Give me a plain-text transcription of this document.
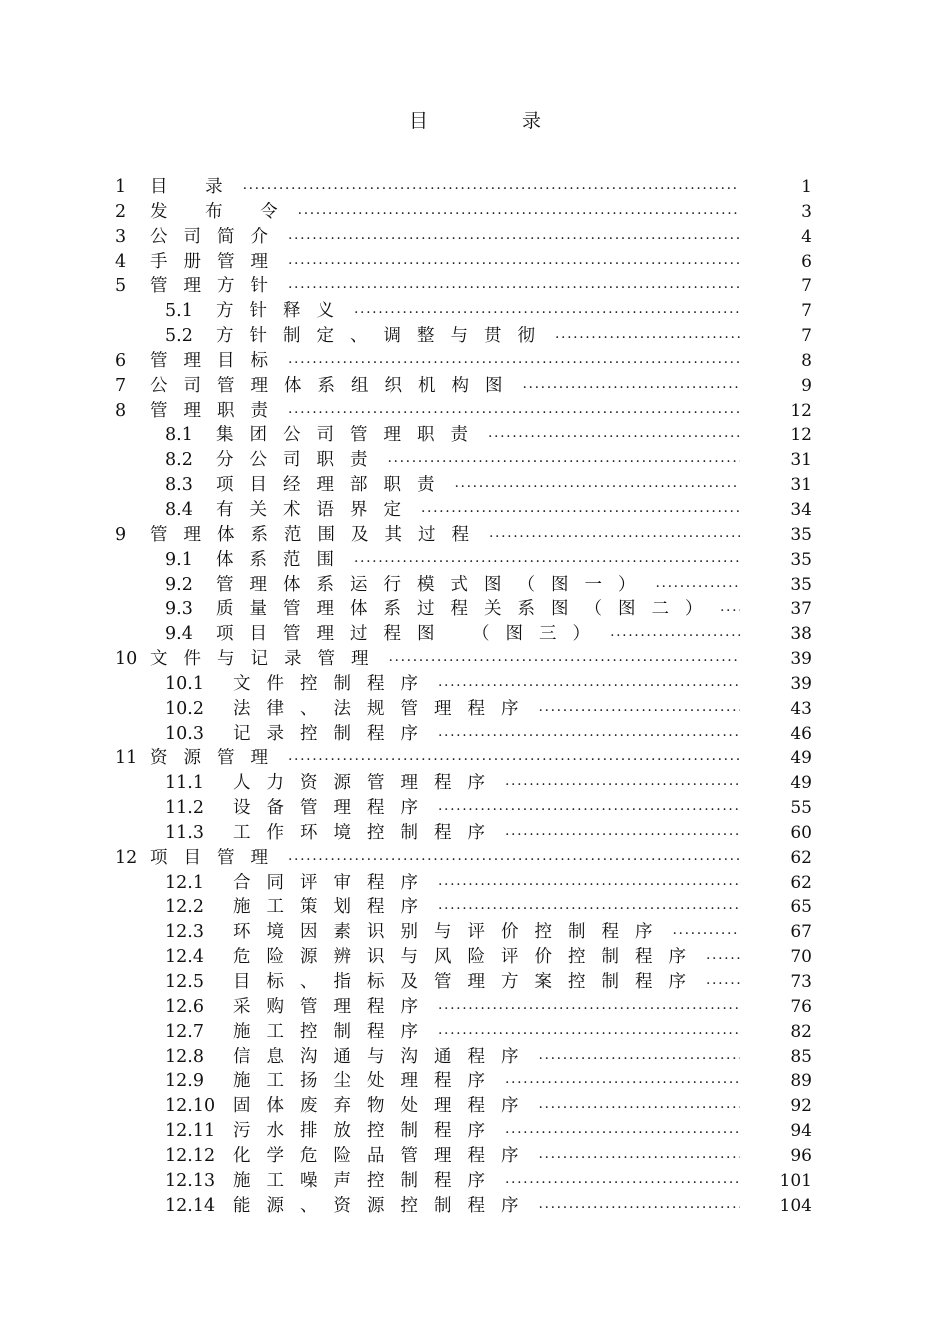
目 录
1 目 录 .....	1
2 发 布 令 .....	3
3 公司简介 .....	4
4 手册管理 .....	6
5 管理方针 .....	7
5.1 方针释义 .....	7
5.2 方针制定、调整与贯彻 .....	7
6 管理目标 .....	8
7 公司管理体系组织机构图 .....	9
8 管理职责 .....	12
8.1 集团公司管理职责 .....	12
8.2 分公司职责 .....	31
8.3 项目经理部职责 .....	31
8.4 有关术语界定 .....	34
9 管理体系范围及其过程 .....	35
9.1 体系范围 .....	35
9.2 管理体系运行模式图（图一） .....	35
9.3 质量管理体系过程关系图（图二） .....	37
9.4 项目管理过程图 （图三） .....	38
10 文件与记录管理 .....	39
10.1 文件控制程序 .....	39
10.2 法律、法规管理程序 .....	43
10.3 记录控制程序 .....	46
11 资源管理 .....	49
11.1 人力资源管理程序 .....	49
11.2 设备管理程序 .....	55
11.3 工作环境控制程序 .....	60
12 项目管理 .....	62
12.1 合同评审程序 .....	62
12.2 施工策划程序 .....	65
12.3 环境因素识别与评价控制程序 .....	67
12.4 危险源辨识与风险评价控制程序 .....	70
12.5 目标、指标及管理方案控制程序 .....	73
12.6 采购管理程序 .....	76
12.7 施工控制程序 .....	82
12.8 信息沟通与沟通程序 .....	85
12.9 施工扬尘处理程序 .....	89
12.10 固体废弃物处理程序 .....	92
12.11 污水排放控制程序 .....	94
12.12 化学危险品管理程序 .....	96
12.13 施工噪声控制程序 .....	101
12.14 能源、资源控制程序 .....	104
